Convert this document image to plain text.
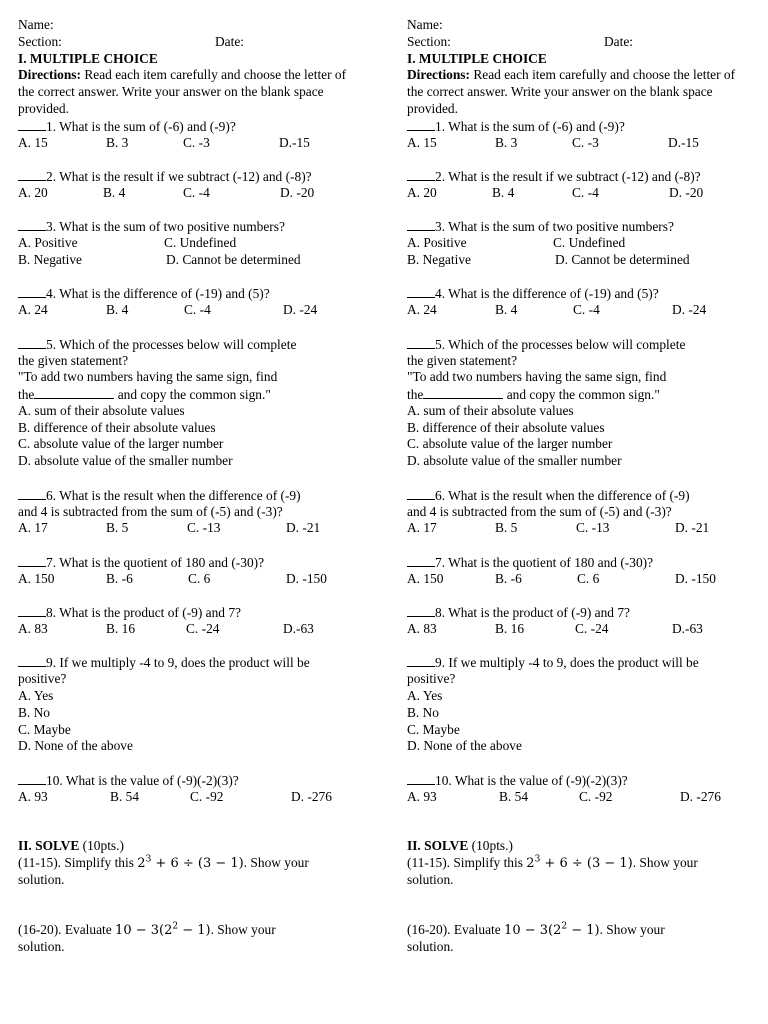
Name:
Section:	Date:
I. MULTIPLE CHOICE
Directions: Read each item carefully and choose the letter of the correct answer. Write your answer on the blank space provided.
1. What is the sum of (-6) and (-9)?
A. 15	B. 3	C. -3	D.-15
2. What is the result if we subtract (-12) and (-8)?
A. 20	B. 4	C. -4	D. -20
3. What is the sum of two positive numbers?
A. Positive	C. Undefined
B. Negative	D. Cannot be determined
4. What is the difference of (-19) and (5)?
A. 24	B. 4	C. -4	D. -24
5. Which of the processes below will complete
the given statement?
"To add two numbers having the same sign, find
the	and copy the common sign."
A. sum of their absolute values
B. difference of their absolute values
C. absolute value of the larger number
D. absolute value of the smaller number
6. What is the result when the difference of (-9)
and 4 is subtracted from the sum of (-5) and (-3)?
A. 17	B. 5	C. -13	D. -21
7. What is the quotient of 180 and (-30)?
A. 150	B. -6	C. 6	D. -150
8. What is the product of (-9) and 7?
A. 83	B. 16	C. -24	D.-63
9. If we multiply -4 to 9, does the product will be
positive?
A. Yes
B. No
C. Maybe
D. None of the above
10. What is the value of (-9)(-2)(3)?
A. 93	B. 54	C. -92	D. -276
II. SOLVE (10pts.)
(11-15). Simplify this $2^3 + 6 \div (3 - 1)$. Show your
solution.
(16-20). Evaluate $10 - 3(2^2 - 1)$. Show your
solution.
Name:
Section:	Date:
I. MULTIPLE CHOICE
Directions: Read each item carefully and choose the letter of the correct answer. Write your answer on the blank space provided.
1. What is the sum of (-6) and (-9)?
A. 15	B. 3	C. -3	D.-15
2. What is the result if we subtract (-12) and (-8)?
A. 20	B. 4	C. -4	D. -20
3. What is the sum of two positive numbers?
A. Positive	C. Undefined
B. Negative	D. Cannot be determined
4. What is the difference of (-19) and (5)?
A. 24	B. 4	C. -4	D. -24
5. Which of the processes below will complete
the given statement?
"To add two numbers having the same sign, find
the	and copy the common sign."
A. sum of their absolute values
B. difference of their absolute values
C. absolute value of the larger number
D. absolute value of the smaller number
6. What is the result when the difference of (-9)
and 4 is subtracted from the sum of (-5) and (-3)?
A. 17	B. 5	C. -13	D. -21
7. What is the quotient of 180 and (-30)?
A. 150	B. -6	C. 6	D. -150
8. What is the product of (-9) and 7?
A. 83	B. 16	C. -24	D.-63
9. If we multiply -4 to 9, does the product will be
positive?
A. Yes
B. No
C. Maybe
D. None of the above
10. What is the value of (-9)(-2)(3)?
A. 93	B. 54	C. -92	D. -276
II. SOLVE (10pts.)
(11-15). Simplify this $2^3 + 6 \div (3 - 1)$. Show your
solution.
(16-20). Evaluate $10 - 3(2^2 - 1)$. Show your
solution.
